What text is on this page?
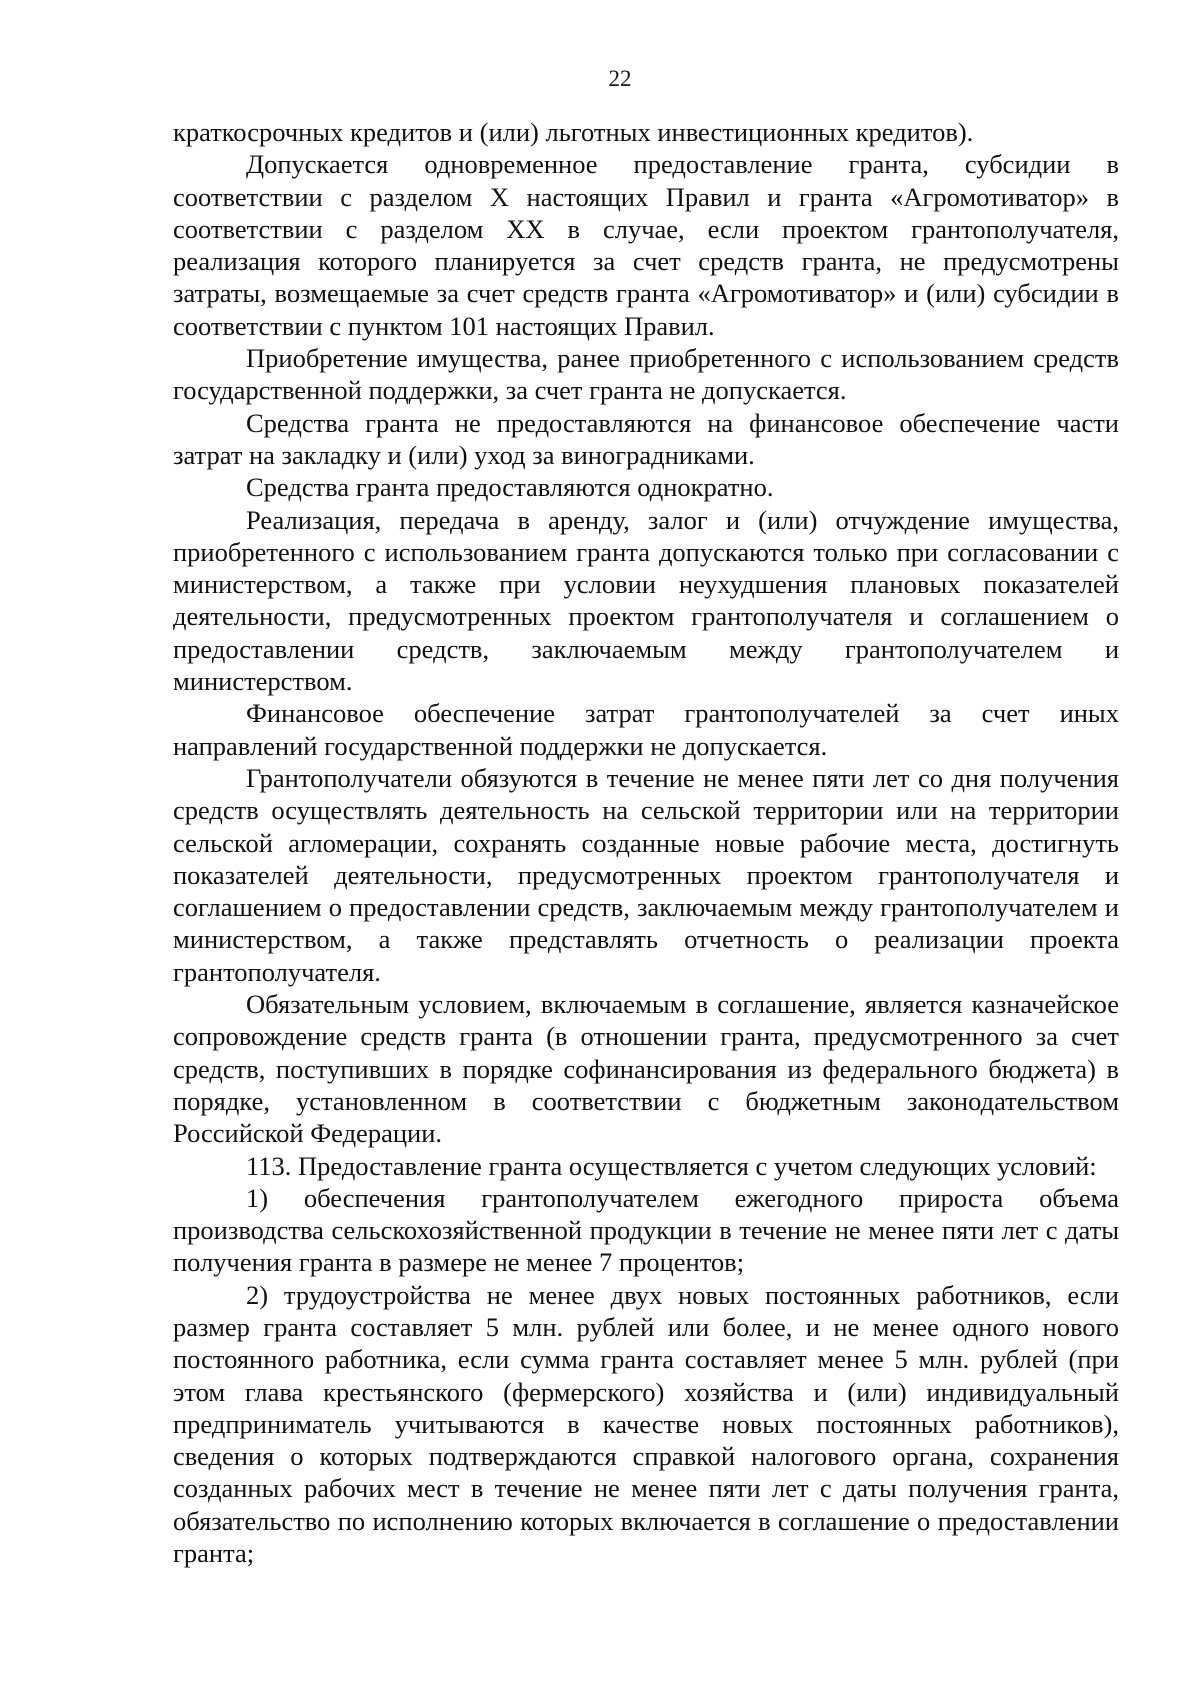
22

краткосрочных кредитов и (или) льготных инвестиционных кредитов).

Допускается одновременное предоставление гранта, субсидии в соответствии с разделом X настоящих Правил и гранта «Агромотиватор» в соответствии с разделом XX в случае, если проектом грантополучателя, реализация которого планируется за счет средств гранта, не предусмотрены затраты, возмещаемые за счет средств гранта «Агромотиватор» и (или) субсидии в соответствии с пунктом 101 настоящих Правил.

Приобретение имущества, ранее приобретенного с использованием средств государственной поддержки, за счет гранта не допускается.

Средства гранта не предоставляются на финансовое обеспечение части затрат на закладку и (или) уход за виноградниками.

Средства гранта предоставляются однократно.

Реализация, передача в аренду, залог и (или) отчуждение имущества, приобретенного с использованием гранта допускаются только при согласовании с министерством, а также при условии неухудшения плановых показателей деятельности, предусмотренных проектом грантополучателя и соглашением о предоставлении средств, заключаемым между грантополучателем и министерством.

Финансовое обеспечение затрат грантополучателей за счет иных направлений государственной поддержки не допускается.

Грантополучатели обязуются в течение не менее пяти лет со дня получения средств осуществлять деятельность на сельской территории или на территории сельской агломерации, сохранять созданные новые рабочие места, достигнуть показателей деятельности, предусмотренных проектом грантополучателя и соглашением о предоставлении средств, заключаемым между грантополучателем и министерством, а также представлять отчетность о реализации проекта грантополучателя.

Обязательным условием, включаемым в соглашение, является казначейское сопровождение средств гранта (в отношении гранта, предусмотренного за счет средств, поступивших в порядке софинансирования из федерального бюджета) в порядке, установленном в соответствии с бюджетным законодательством Российской Федерации.

113. Предоставление гранта осуществляется с учетом следующих условий:

1) обеспечения грантополучателем ежегодного прироста объема производства сельскохозяйственной продукции в течение не менее пяти лет с даты получения гранта в размере не менее 7 процентов;

2) трудоустройства не менее двух новых постоянных работников, если размер гранта составляет 5 млн. рублей или более, и не менее одного нового постоянного работника, если сумма гранта составляет менее 5 млн. рублей (при этом глава крестьянского (фермерского) хозяйства и (или) индивидуальный предприниматель учитываются в качестве новых постоянных работников), сведения о которых подтверждаются справкой налогового органа, сохранения созданных рабочих мест в течение не менее пяти лет с даты получения гранта, обязательство по исполнению которых включается в соглашение о предоставлении гранта;
